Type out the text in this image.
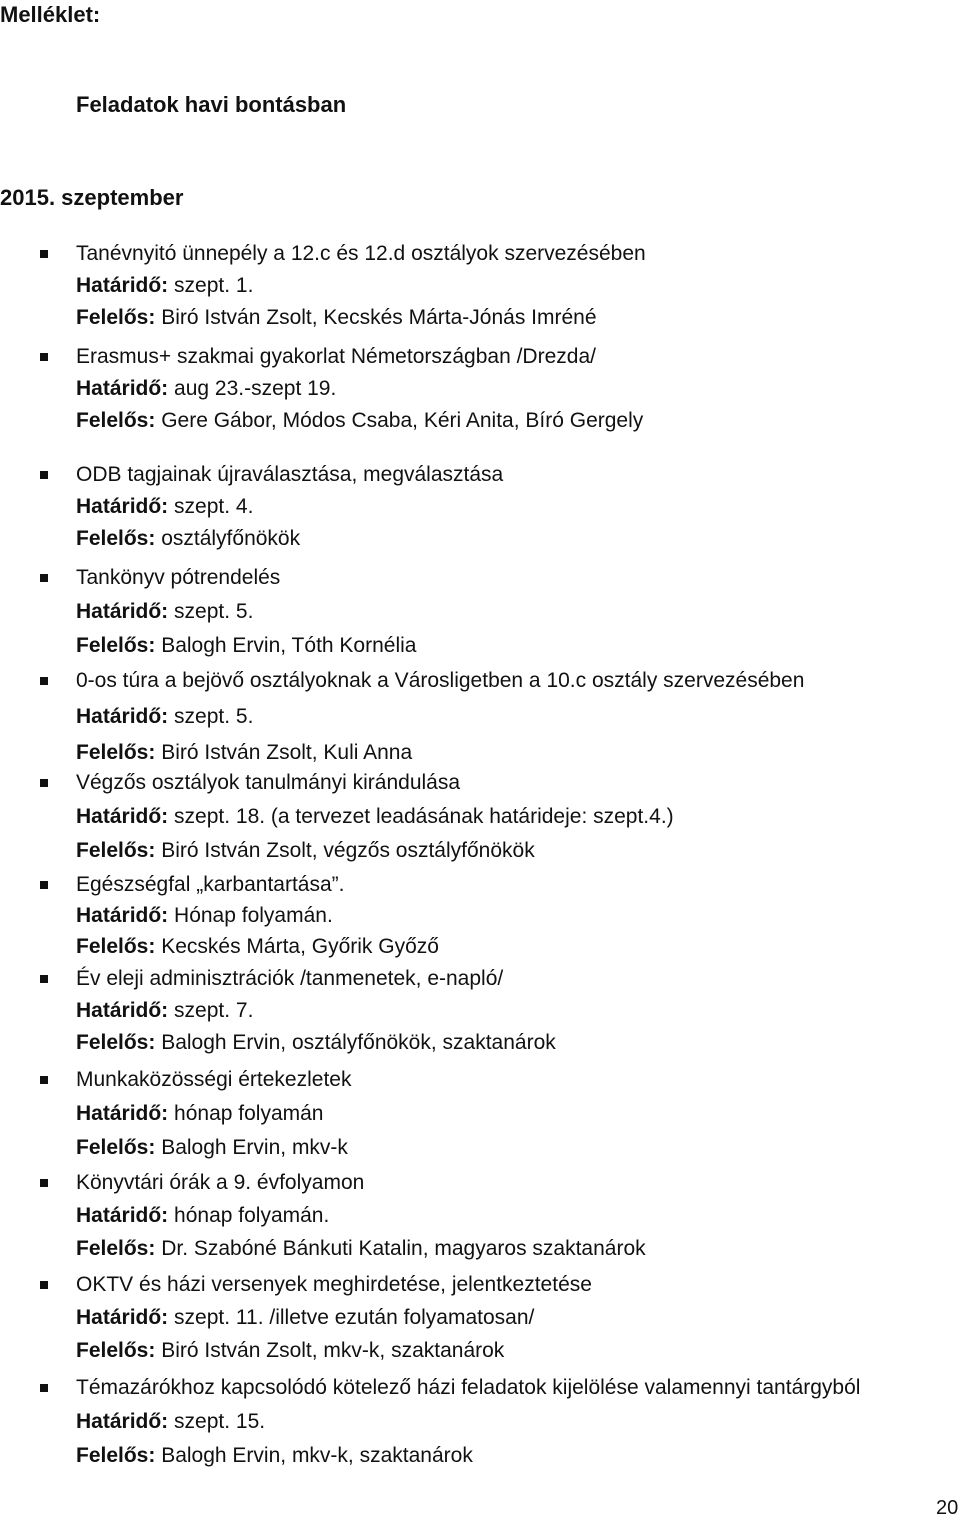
Melléklet:
Feladatok havi bontásban
2015. szeptember
Tanévnyitó ünnepély a 12.c és 12.d osztályok szervezésében
Határidő: szept. 1.
Felelős: Biró István Zsolt, Kecskés Márta-Jónás Imréné
Erasmus+ szakmai gyakorlat Németországban /Drezda/
Határidő: aug 23.-szept 19.
Felelős: Gere Gábor, Módos Csaba, Kéri Anita, Bíró Gergely
ODB tagjainak újraválasztása, megválasztása
Határidő: szept. 4.
Felelős: osztályfőnökök
Tankönyv pótrendelés
Határidő: szept. 5.
Felelős: Balogh Ervin, Tóth Kornélia
0-os túra a bejövő osztályoknak a Városligetben a 10.c osztály szervezésében
Határidő: szept. 5.
Felelős: Biró István Zsolt, Kuli Anna
Végzős osztályok tanulmányi kirándulása
Határidő: szept. 18. (a tervezet leadásának határideje: szept.4.)
Felelős: Biró István Zsolt, végzős osztályfőnökök
Egészségfal „karbantartása”.
Határidő: Hónap folyamán.
Felelős: Kecskés Márta, Győrik Győző
Év eleji adminisztrációk /tanmenetek, e-napló/
Határidő: szept. 7.
Felelős: Balogh Ervin, osztályfőnökök, szaktanárok
Munkaközösségi értekezletek
Határidő: hónap folyamán
Felelős: Balogh Ervin, mkv-k
Könyvtári órák a 9. évfolyamon
Határidő: hónap folyamán.
Felelős: Dr. Szabóné Bánkuti Katalin, magyaros szaktanárok
OKTV és házi versenyek meghirdetése, jelentkeztetése
Határidő: szept. 11. /illetve ezután folyamatosan/
Felelős: Biró István Zsolt, mkv-k, szaktanárok
Témazárókhoz kapcsolódó kötelező házi feladatok kijelölése valamennyi tantárgyból
Határidő: szept. 15.
Felelős: Balogh Ervin, mkv-k, szaktanárok
20
